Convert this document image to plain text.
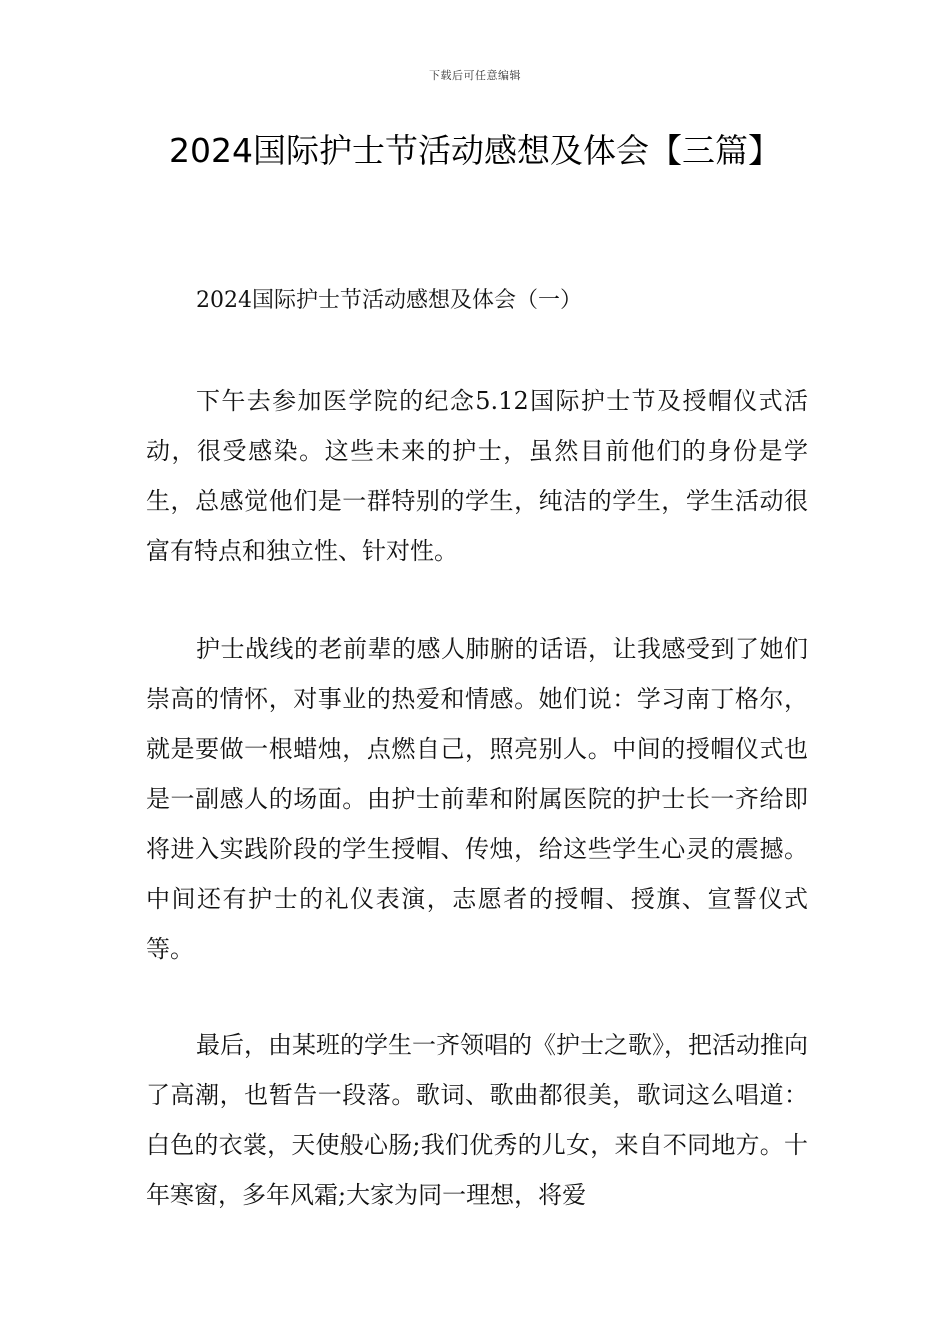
下载后可任意编辑
2024国际护士节活动感想及体会【三篇】

2024国际护士节活动感想及体会（一）

下午去参加医学院的纪念5.12国际护士节及授帽仪式活动，很受感染。这些未来的护士，虽然目前他们的身份是学生，总感觉他们是一群特别的学生，纯洁的学生，学生活动很富有特点和独立性、针对性。

护士战线的老前辈的感人肺腑的话语，让我感受到了她们崇高的情怀，对事业的热爱和情感。她们说：学习南丁格尔，就是要做一根蜡烛，点燃自己，照亮别人。中间的授帽仪式也是一副感人的场面。由护士前辈和附属医院的护士长一齐给即将进入实践阶段的学生授帽、传烛，给这些学生心灵的震撼。中间还有护士的礼仪表演，志愿者的授帽、授旗、宣誓仪式等。

最后，由某班的学生一齐领唱的《护士之歌》，把活动推向了高潮，也暂告一段落。歌词、歌曲都很美，歌词这么唱道：白色的衣裳，天使般心肠;我们优秀的儿女，来自不同地方。十年寒窗，多年风霜;大家为同一理想，将爱
